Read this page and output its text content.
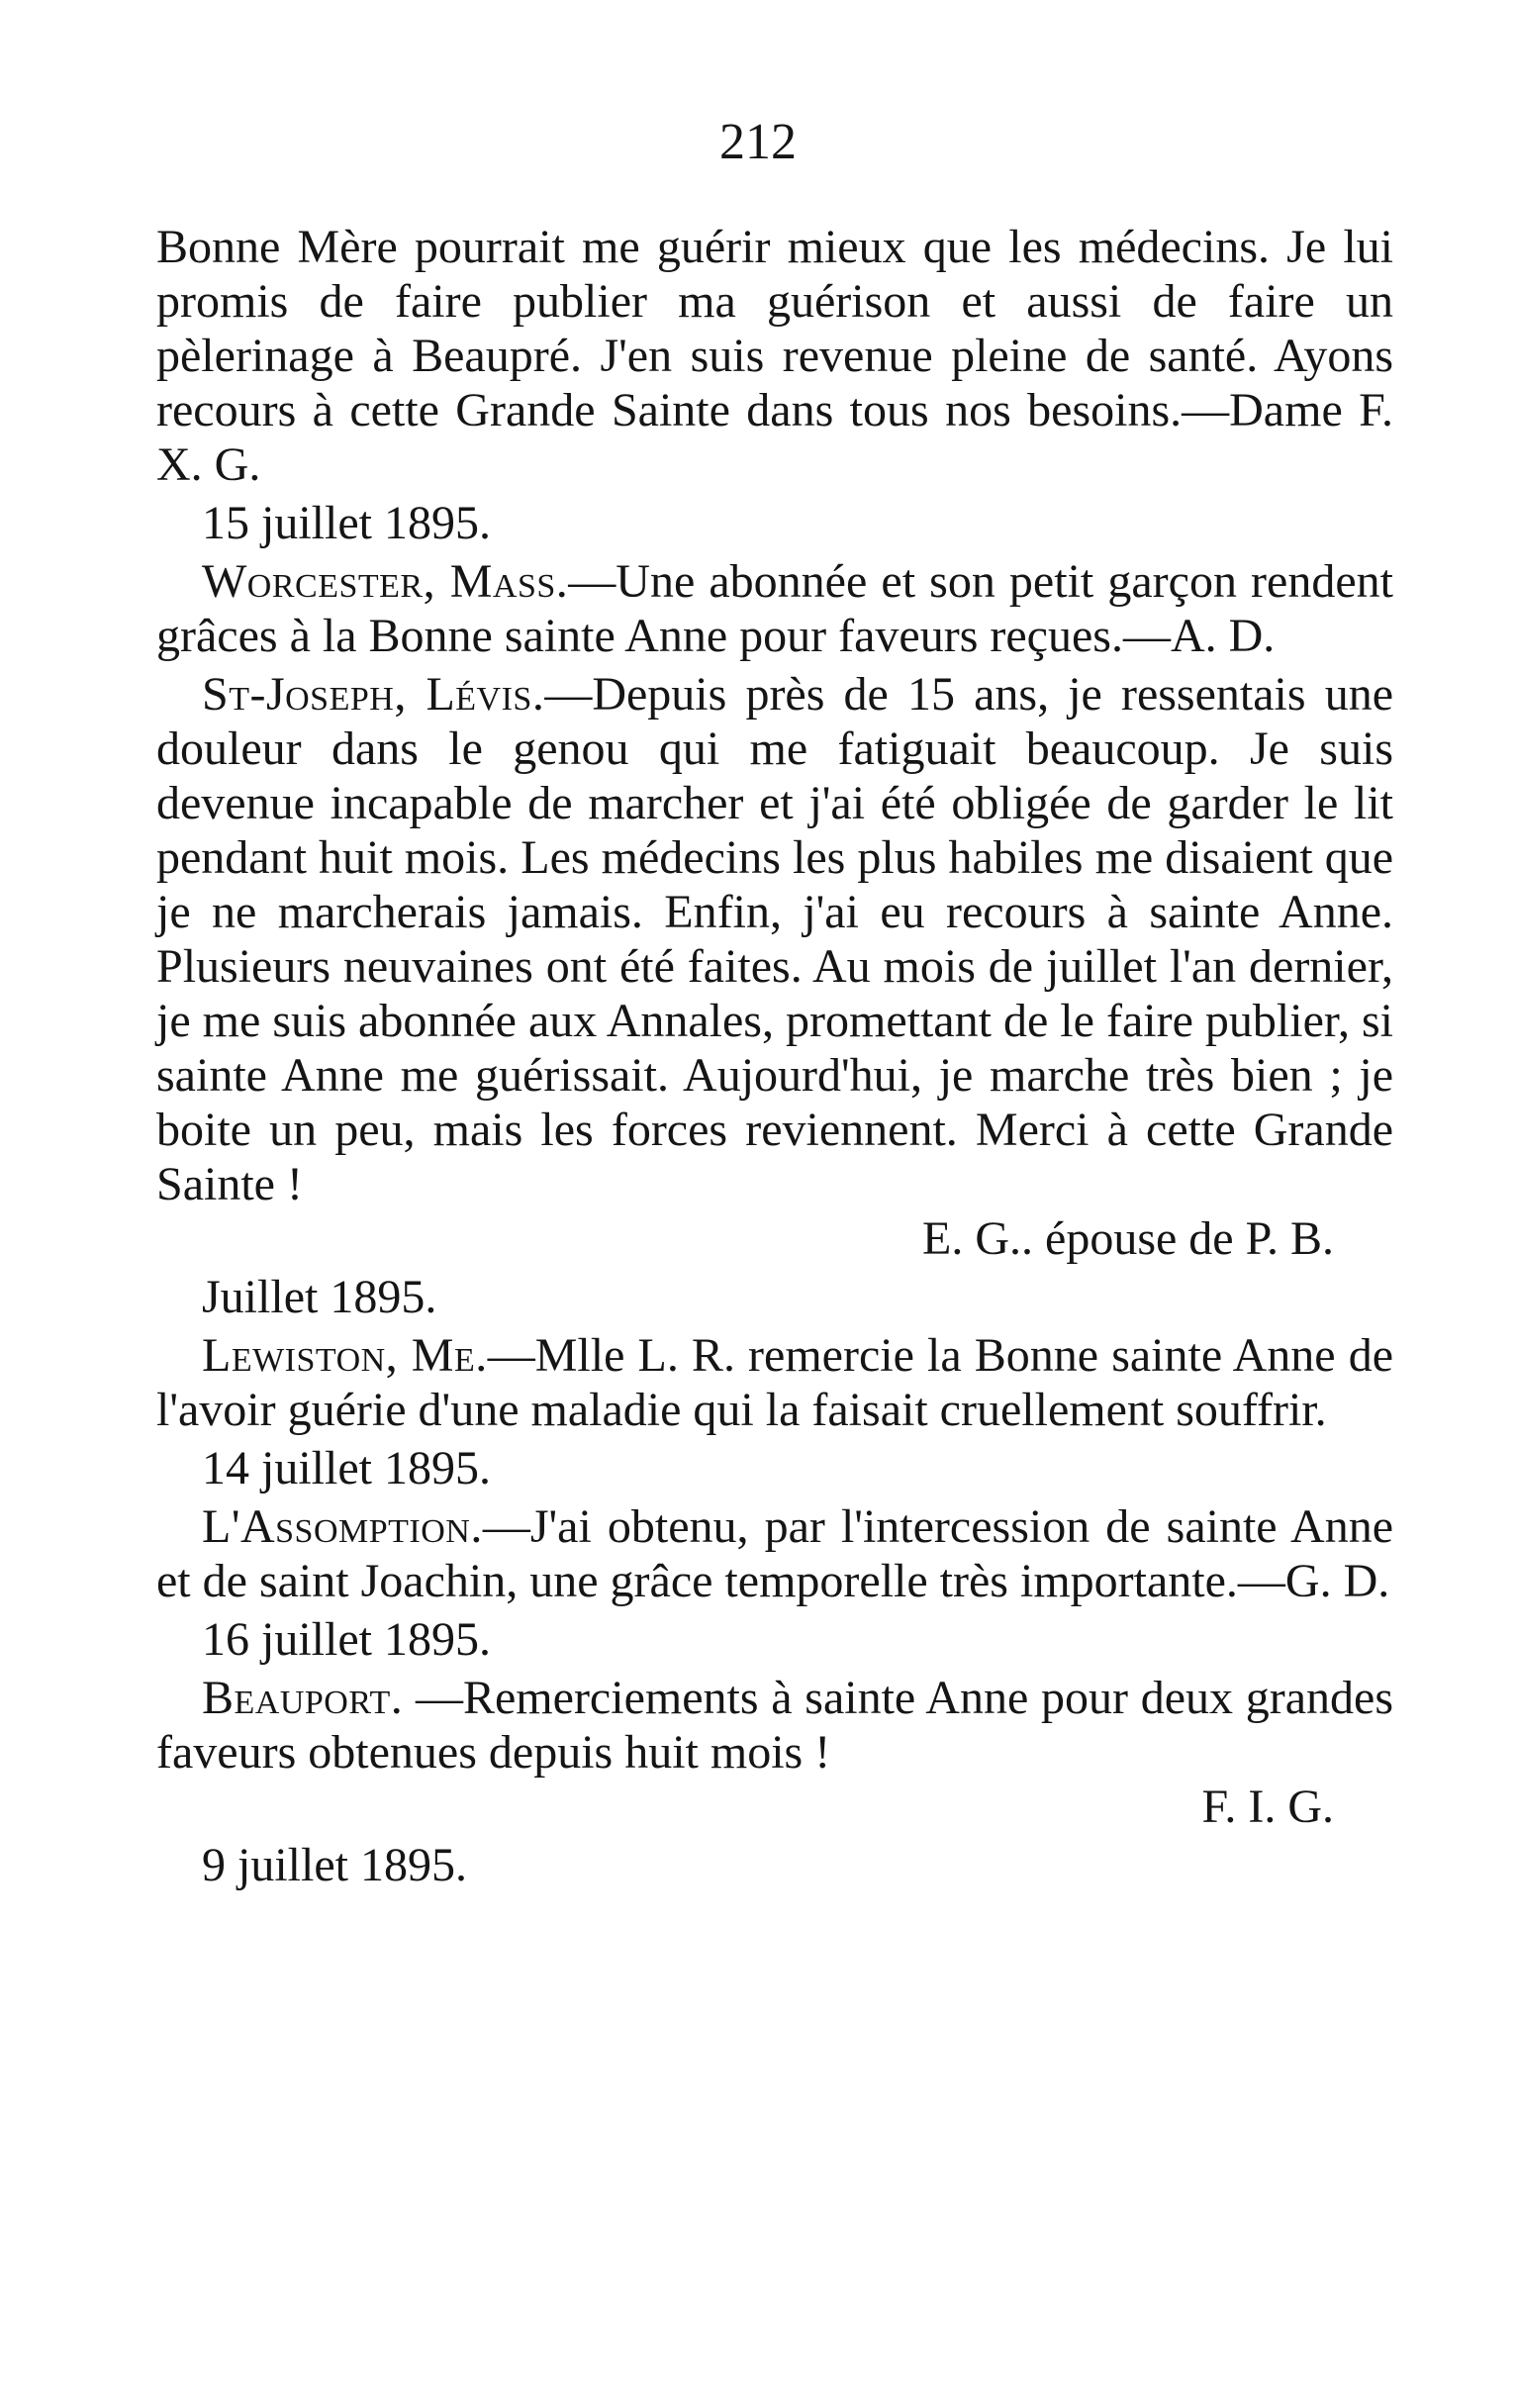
212

Bonne Mère pourrait me guérir mieux que les médecins. Je lui promis de faire publier ma guérison et aussi de faire un pèlerinage à Beaupré. J'en suis revenue pleine de santé. Ayons recours à cette Grande Sainte dans tous nos besoins.—Dame F. X. G.

15 juillet 1895.

Worcester, Mass.—Une abonnée et son petit garçon rendent grâces à la Bonne sainte Anne pour faveurs reçues.—A. D.

St-Joseph, Lévis.—Depuis près de 15 ans, je ressentais une douleur dans le genou qui me fatiguait beaucoup. Je suis devenue incapable de marcher et j'ai été obligée de garder le lit pendant huit mois. Les médecins les plus habiles me disaient que je ne marcherais jamais. Enfin, j'ai eu recours à sainte Anne. Plusieurs neuvaines ont été faites. Au mois de juillet l'an dernier, je me suis abonnée aux Annales, promettant de le faire publier, si sainte Anne me guérissait. Aujourd'hui, je marche très bien ; je boite un peu, mais les forces reviennent. Merci à cette Grande Sainte !

E. G.. épouse de P. B.
Juillet 1895.

Lewiston, Me.—Mlle L. R. remercie la Bonne sainte Anne de l'avoir guérie d'une maladie qui la faisait cruellement souffrir.

14 juillet 1895.

L'Assomption.—J'ai obtenu, par l'intercession de sainte Anne et de saint Joachin, une grâce temporelle très importante.—G. D.

16 juillet 1895.

Beauport. —Remerciements à sainte Anne pour deux grandes faveurs obtenues depuis huit mois !

F. I. G.
9 juillet 1895.
